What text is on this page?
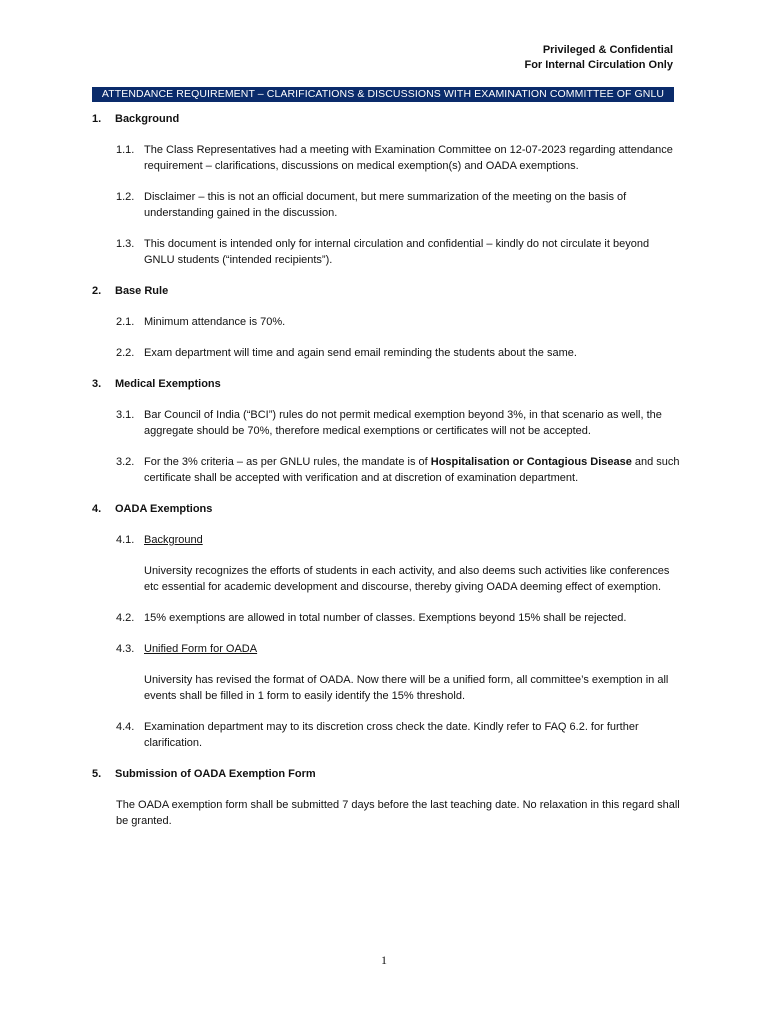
Privileged & Confidential
For Internal Circulation Only
ATTENDANCE REQUIREMENT – CLARIFICATIONS & DISCUSSIONS WITH EXAMINATION COMMITTEE OF GNLU
1.	Background
1.1. The Class Representatives had a meeting with Examination Committee on 12-07-2023 regarding attendance requirement – clarifications, discussions on medical exemption(s) and OADA exemptions.
1.2. Disclaimer – this is not an official document, but mere summarization of the meeting on the basis of understanding gained in the discussion.
1.3. This document is intended only for internal circulation and confidential – kindly do not circulate it beyond GNLU students (“intended recipients”).
2.	Base Rule
2.1. Minimum attendance is 70%.
2.2. Exam department will time and again send email reminding the students about the same.
3.	Medical Exemptions
3.1. Bar Council of India (“BCI”) rules do not permit medical exemption beyond 3%, in that scenario as well, the aggregate should be 70%, therefore medical exemptions or certificates will not be accepted.
3.2. For the 3% criteria – as per GNLU rules, the mandate is of Hospitalisation or Contagious Disease and such certificate shall be accepted with verification and at discretion of examination department.
4.	OADA Exemptions
4.1. Background
University recognizes the efforts of students in each activity, and also deems such activities like conferences etc essential for academic development and discourse, thereby giving OADA deeming effect of exemption.
4.2. 15% exemptions are allowed in total number of classes. Exemptions beyond 15% shall be rejected.
4.3. Unified Form for OADA
University has revised the format of OADA. Now there will be a unified form, all committee’s exemption in all events shall be filled in 1 form to easily identify the 15% threshold.
4.4. Examination department may to its discretion cross check the date. Kindly refer to FAQ 6.2. for further clarification.
5.	Submission of OADA Exemption Form
The OADA exemption form shall be submitted 7 days before the last teaching date. No relaxation in this regard shall be granted.
1
